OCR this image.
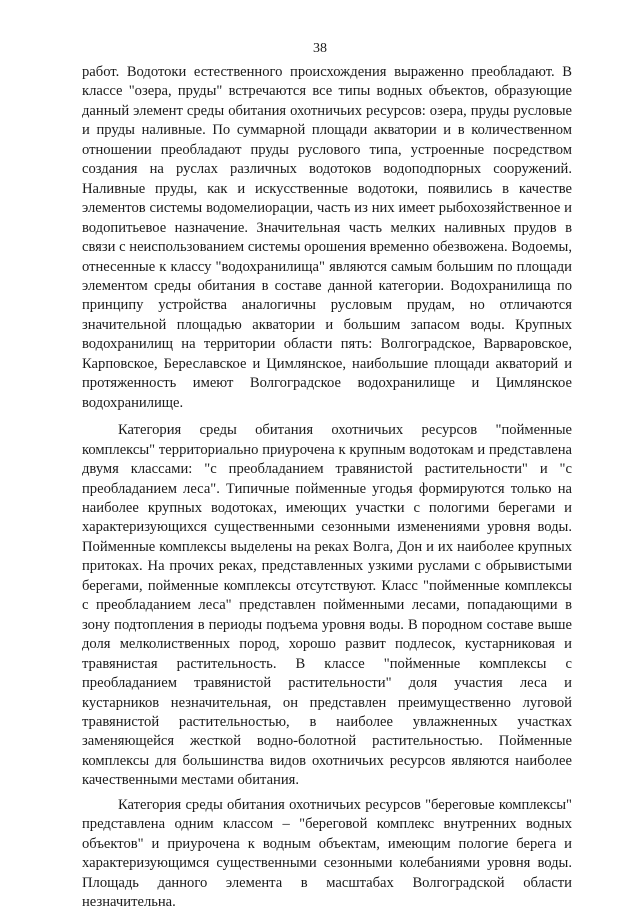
38

работ. Водотоки естественного происхождения выраженно преобладают. В классе "озера, пруды" встречаются все типы водных объектов, образующие данный элемент среды обитания охотничьих ресурсов: озера, пруды русловые и пруды наливные. По суммарной площади акватории и в количественном отношении преобладают пруды руслового типа, устроенные посредством создания на руслах различных водотоков водоподпорных сооружений. Наливные пруды, как и искусственные водотоки, появились в качестве элементов системы водомелиорации, часть из них имеет рыбохозяйственное и водопитьевое назначение. Значительная часть мелких наливных прудов в связи с неиспользованием системы орошения временно обезвожена. Водоемы, отнесенные к классу "водохранилища" являются самым большим по площади элементом среды обитания в составе данной категории. Водохранилища по принципу устройства аналогичны русловым прудам, но отличаются значительной площадью акватории и большим запасом воды. Крупных водохранилищ на территории области пять: Волгоградское, Варваровское, Карповское, Береславское и Цимлянское, наибольшие площади акваторий и протяженность имеют Волгоградское водохранилище и Цимлянское водохранилище.

Категория среды обитания охотничьих ресурсов "пойменные комплексы" территориально приурочена к крупным водотокам и представлена двумя классами: "с преобладанием травянистой растительности" и "с преобладанием леса". Типичные пойменные угодья формируются только на наиболее крупных водотоках, имеющих участки с пологими берегами и характеризующихся существенными сезонными изменениями уровня воды. Пойменные комплексы выделены на реках Волга, Дон и их наиболее крупных притоках. На прочих реках, представленных узкими руслами с обрывистыми берегами, пойменные комплексы отсутствуют. Класс "пойменные комплексы с преобладанием леса" представлен пойменными лесами, попадающими в зону подтопления в периоды подъема уровня воды. В породном составе выше доля мелколиственных пород, хорошо развит подлесок, кустарниковая и травянистая растительность. В классе "пойменные комплексы с преобладанием травянистой растительности" доля участия леса и кустарников незначительная, он представлен преимущественно луговой травянистой растительностью, в наиболее увлажненных участках заменяющейся жесткой водно-болотной растительностью. Пойменные комплексы для большинства видов охотничьих ресурсов являются наиболее качественными местами обитания.

Категория среды обитания охотничьих ресурсов "береговые комплексы" представлена одним классом – "береговой комплекс внутренних водных объектов" и приурочена к водным объектам, имеющим пологие берега и характеризующимся существенными сезонными колебаниями уровня воды. Площадь данного элемента в масштабах Волгоградской области незначительна.
